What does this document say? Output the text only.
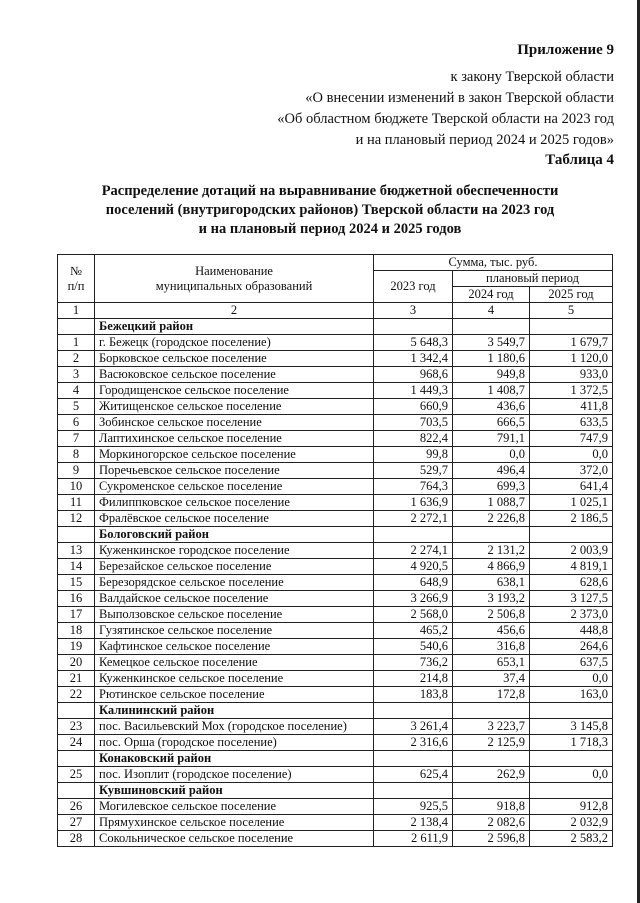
Приложение 9
к закону Тверской области
«О внесении изменений в закон Тверской области
«Об областном бюджете Тверской области на 2023 год
и на плановый период 2024 и 2025 годов»
Таблица 4
Распределение дотаций на выравнивание бюджетной обеспеченности
поселений (внутригородских районов) Тверской области на 2023 год
и на плановый период 2024 и 2025 годов
№
п/п

Наименование
муниципальных образований
	Сумма, тыс. руб.
		2023 год	плановый период	
			2024 год	2025 год
1	2	3	4	5
	Бежецкий район			
1	г. Бежецк (городское поселение)	5 648,3	3 549,7	1 679,7
2	Борковское сельское поселение	1 342,4	1 180,6	1 120,0
3	Васюковское сельское поселение	968,6	949,8	933,0
4	Городищенское сельское поселение	1 449,3	1 408,7	1 372,5
5	Житищенское сельское поселение	660,9	436,6	411,8
6	Зобинское сельское поселение	703,5	666,5	633,5
7	Лаптихинское сельское поселение	822,4	791,1	747,9
8	Моркиногорское сельское поселение	99,8	0,0	0,0
9	Поречьевское сельское поселение	529,7	496,4	372,0
10	Сукроменское сельское поселение	764,3	699,3	641,4
11	Филиппковское сельское поселение	1 636,9	1 088,7	1 025,1
12	Фралёвское сельское поселение	2 272,1	2 226,8	2 186,5
	Бологовский район			
13	Куженкинское городское поселение	2 274,1	2 131,2	2 003,9
14	Березайское сельское поселение	4 920,5	4 866,9	4 819,1
15	Березорядское сельское поселение	648,9	638,1	628,6
16	Валдайское сельское поселение	3 266,9	3 193,2	3 127,5
17	Выползовское сельское поселение	2 568,0	2 506,8	2 373,0
18	Гузятинское сельское поселение	465,2	456,6	448,8
19	Кафтинское сельское поселение	540,6	316,8	264,6
20	Кемецкое сельское поселение	736,2	653,1	637,5
21	Куженкинское сельское поселение	214,8	37,4	0,0
22	Рютинское сельское поселение	183,8	172,8	163,0
	Калининский район			
23	пос. Васильевский Мох (городское поселение)	3 261,4	3 223,7	3 145,8
24	пос. Орша (городское поселение)	2 316,6	2 125,9	1 718,3
	Конаковский район			
25	пос. Изоплит (городское поселение)	625,4	262,9	0,0
	Кувшиновский район			
26	Могилевское сельское поселение	925,5	918,8	912,8
27	Прямухинское сельское поселение	2 138,4	2 082,6	2 032,9
28	Сокольническое сельское поселение	2 611,9	2 596,8	2 583,2
